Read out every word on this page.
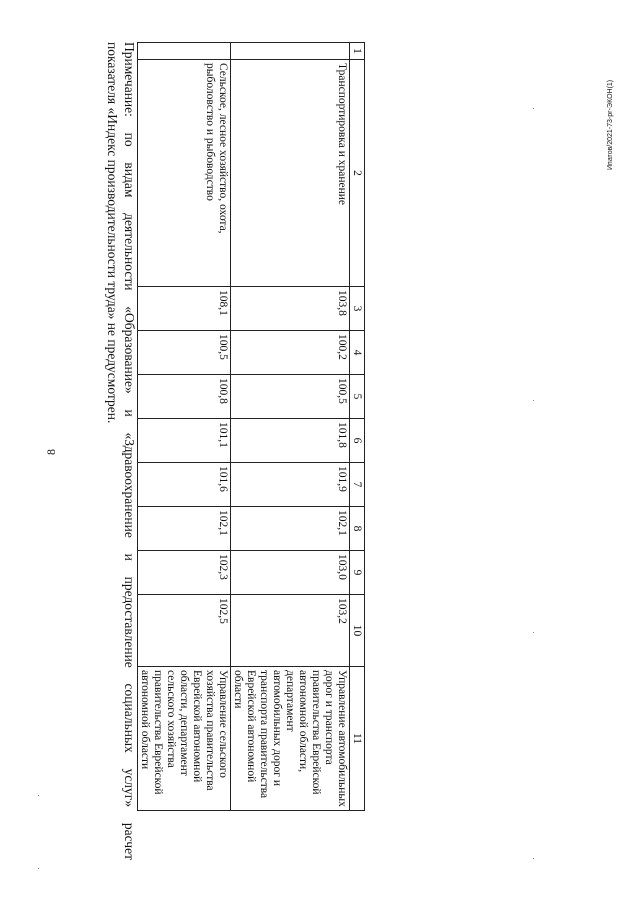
8
Ипатов/2021-73-рг-ЭКОН(1)
1	2	3	4	5	6	7	8	9	10	11
	Транспортировка и хранение	103,8	100,2	100,5	101,8	101,9	102,1	103,0	103,2	Управление автомобильных дорог и транспорта правительства Еврейской автономной области, департамент автомобильных дорог и транспорта правительства Еврейской автономной области
	Сельское, лесное хозяйство, охота, рыболовство и рыбоводство	108,1	100,5	100,8	101,1	101,6	102,1	102,3	102,5	Управление сельского хозяйства правительства Еврейской автономной области, департамент сельского хозяйства правительства Еврейской автономной области
Примечание: по видам деятельности «Образование» и «Здравоохранение и предоставление социальных услуг» расчет
показателя «Индекс производительности труда» не предусмотрен.
